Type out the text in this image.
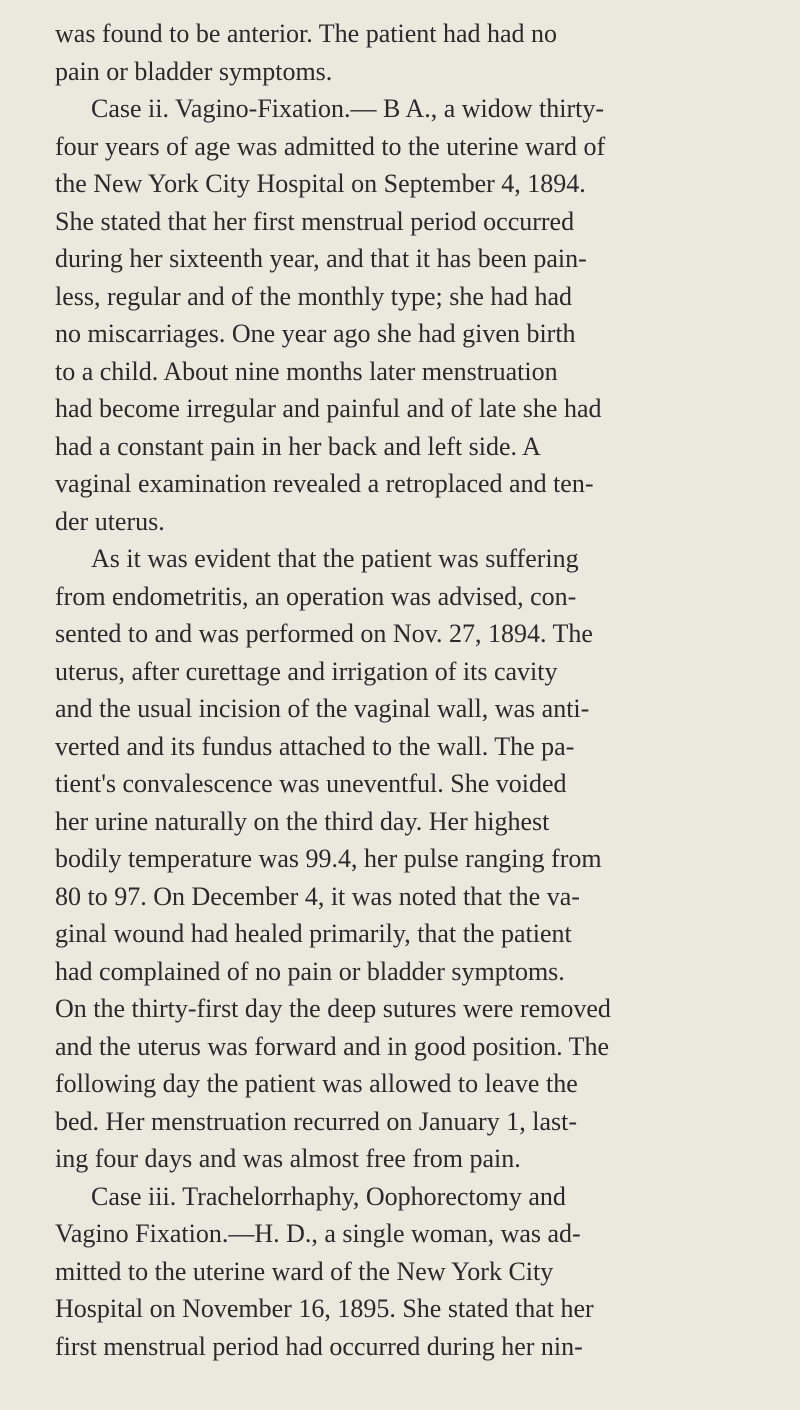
was found to be anterior. The patient had had no
pain or bladder symptoms.
Case ii. Vagino-Fixation.— B A., a widow thirty-
four years of age was admitted to the uterine ward of
the New York City Hospital on September 4, 1894.
She stated that her first menstrual period occurred
during her sixteenth year, and that it has been pain-
less, regular and of the monthly type; she had had
no miscarriages. One year ago she had given birth
to a child. About nine months later menstruation
had become irregular and painful and of late she had
had a constant pain in her back and left side. A
vaginal examination revealed a retroplaced and ten-
der uterus.
As it was evident that the patient was suffering
from endometritis, an operation was advised, con-
sented to and was performed on Nov. 27, 1894. The
uterus, after curettage and irrigation of its cavity
and the usual incision of the vaginal wall, was anti-
verted and its fundus attached to the wall. The pa-
tient's convalescence was uneventful. She voided
her urine naturally on the third day. Her highest
bodily temperature was 99.4, her pulse ranging from
80 to 97. On December 4, it was noted that the va-
ginal wound had healed primarily, that the patient
had complained of no pain or bladder symptoms.
On the thirty-first day the deep sutures were removed
and the uterus was forward and in good position. The
following day the patient was allowed to leave the
bed. Her menstruation recurred on January 1, last-
ing four days and was almost free from pain.
Case iii. Trachelorrhaphy, Oophorectomy and
Vagino Fixation.—H. D., a single woman, was ad-
mitted to the uterine ward of the New York City
Hospital on November 16, 1895. She stated that her
first menstrual period had occurred during her nin-
